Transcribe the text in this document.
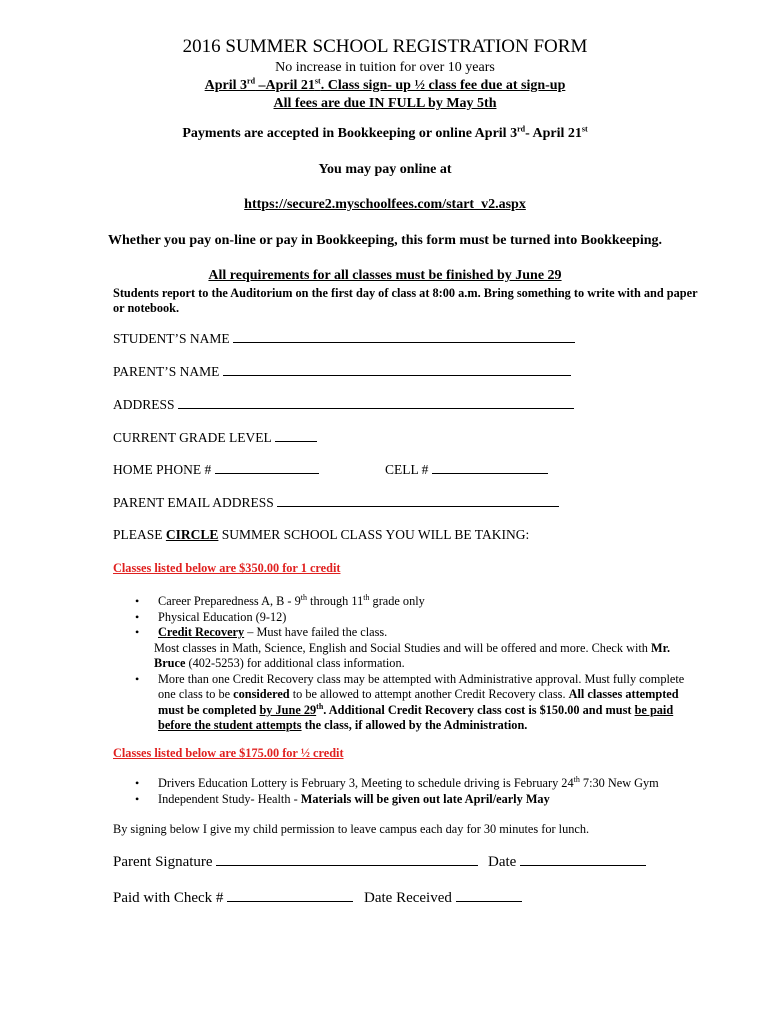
2016 SUMMER SCHOOL REGISTRATION FORM
No increase in tuition for over 10 years
April 3rd –April 21st. Class sign- up ½ class fee due at sign-up
All fees are due IN FULL by May 5th
Payments are accepted in Bookkeeping or online April 3rd- April 21st
You may pay online at
https://secure2.myschoolfees.com/start_v2.aspx
Whether you pay on-line or pay in Bookkeeping, this form must be turned into Bookkeeping.
All requirements for all classes must be finished by June 29
Students report to the Auditorium on the first day of class at 8:00 a.m. Bring something to write with and paper
or notebook.
STUDENT’S NAME
PARENT’S NAME
ADDRESS
CURRENT GRADE LEVEL
HOME PHONE #	CELL #
PARENT EMAIL ADDRESS
PLEASE CIRCLE SUMMER SCHOOL CLASS YOU WILL BE TAKING:
Classes listed below are $350.00 for 1 credit
• Career Preparedness A, B - 9th through 11th grade only
• Physical Education (9-12)
• Credit Recovery – Must have failed the class.
Most classes in Math, Science, English and Social Studies and will be offered and more. Check with Mr.
Bruce (402-5253) for additional class information.
• More than one Credit Recovery class may be attempted with Administrative approval. Must fully complete
one class to be considered to be allowed to attempt another Credit Recovery class. All classes attempted
must be completed by June 29th. Additional Credit Recovery class cost is $150.00 and must be paid
before the student attempts the class, if allowed by the Administration.
Classes listed below are $175.00 for ½ credit
• Drivers Education Lottery is February 3, Meeting to schedule driving is February 24th 7:30 New Gym
• Independent Study- Health - Materials will be given out late April/early May
By signing below I give my child permission to leave campus each day for 30 minutes for lunch.
Parent Signature	Date
Paid with Check #	Date Received
